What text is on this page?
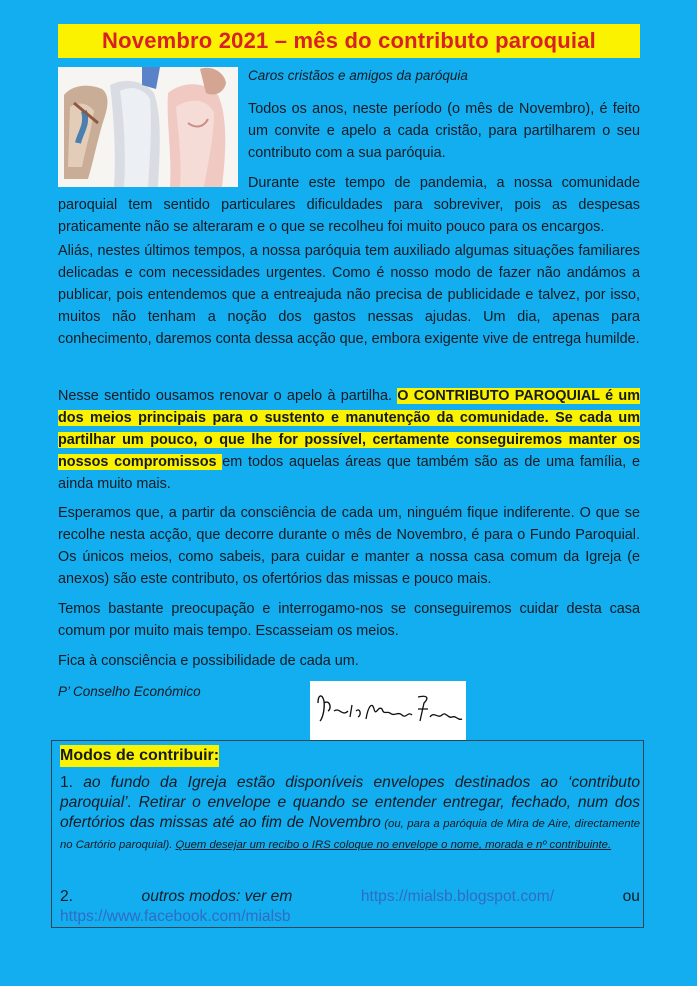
Novembro 2021 – mês do contributo paroquial
Caros cristãos e amigos da paróquia
Todos os anos, neste período (o mês de Novembro), é feito um convite e apelo a cada cristão, para partilharem o seu contributo com a sua paróquia.
Durante este tempo de pandemia, a nossa comunidade paroquial tem sentido particulares dificuldades para sobreviver, pois as despesas praticamente não se alteraram e o que se recolheu foi muito pouco para os encargos.
Aliás, nestes últimos tempos, a nossa paróquia tem auxiliado algumas situações familiares delicadas e com necessidades urgentes. Como é nosso modo de fazer não andámos a publicar, pois entendemos que a entreajuda não precisa de publicidade e talvez, por isso, muitos não tenham a noção dos gastos nessas ajudas. Um dia, apenas para conhecimento, daremos conta dessa acção que, embora exigente vive de entrega humilde.
Nesse sentido ousamos renovar o apelo à partilha. O CONTRIBUTO PAROQUIAL é um dos meios principais para o sustento e manutenção da comunidade. Se cada um partilhar um pouco, o que lhe for possível, certamente conseguiremos manter os nossos compromissos em todos aquelas áreas que também são as de uma família, e ainda muito mais.
Esperamos que, a partir da consciência de cada um, ninguém fique indiferente. O que se recolhe nesta acção, que decorre durante o mês de Novembro, é para o Fundo Paroquial. Os únicos meios, como sabeis, para cuidar e manter a nossa casa comum da Igreja (e anexos) são este contributo, os ofertórios das missas e pouco mais.
Temos bastante preocupação e interrogamo-nos se conseguiremos cuidar desta casa comum por muito mais tempo. Escasseiam os meios.
Fica à consciência e possibilidade de cada um.
P’ Conselho Económico
Modos de contribuir:
1. ao fundo da Igreja estão disponíveis envelopes destinados ao ‘contributo paroquial’. Retirar o envelope e quando se entender entregar, fechado, num dos ofertórios das missas até ao fim de Novembro (ou, para a paróquia de Mira de Aire, directamente no Cartório paroquial). Quem desejar um recibo o IRS coloque no envelope o nome, morada e nº contribuinte.
2.	outros modos: ver em	https://mialsb.blogspot.com/	ou
https://www.facebook.com/mialsb
